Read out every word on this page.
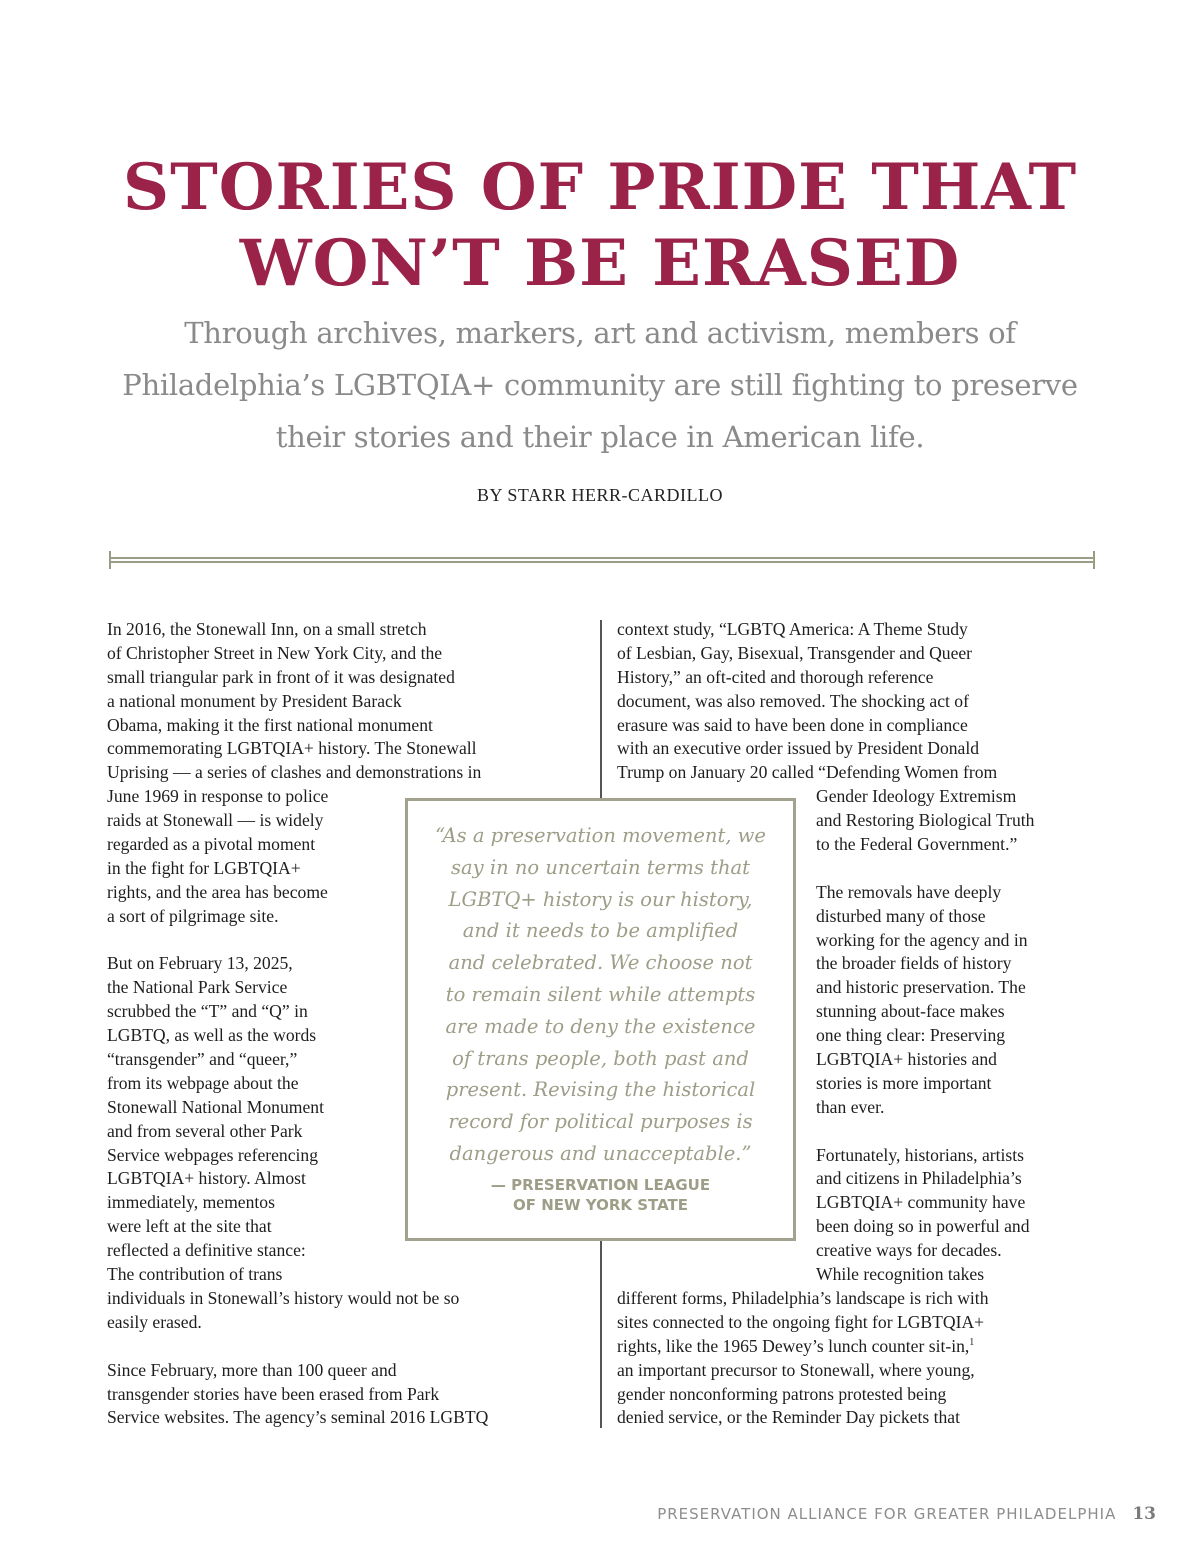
STORIES OF PRIDE THAT
WON’T BE ERASED
Through archives, markers, art and activism, members of
Philadelphia’s LGBTQIA+ community are still fighting to preserve
their stories and their place in American life.
BY STARR HERR-CARDILLO
In 2016, the Stonewall Inn, on a small stretch
of Christopher Street in New York City, and the
small triangular park in front of it was designated
a national monument by President Barack
Obama, making it the first national monument
commemorating LGBTQIA+ history. The Stonewall
Uprising — a series of clashes and demonstrations in
June 1969 in response to police
raids at Stonewall — is widely
regarded as a pivotal moment
in the fight for LGBTQIA+
rights, and the area has become
a sort of pilgrimage site.
But on February 13, 2025,
the National Park Service
scrubbed the “T” and “Q” in
LGBTQ, as well as the words
“transgender” and “queer,”
from its webpage about the
Stonewall National Monument
and from several other Park
Service webpages referencing
LGBTQIA+ history. Almost
immediately, mementos
were left at the site that
reflected a definitive stance:
The contribution of trans
individuals in Stonewall’s history would not be so
easily erased.
Since February, more than 100 queer and
transgender stories have been erased from Park
Service websites. The agency’s seminal 2016 LGBTQ
context study, “LGBTQ America: A Theme Study
of Lesbian, Gay, Bisexual, Transgender and Queer
History,” an oft-cited and thorough reference
document, was also removed. The shocking act of
erasure was said to have been done in compliance
with an executive order issued by President Donald
Trump on January 20 called “Defending Women from
Gender Ideology Extremism
and Restoring Biological Truth
to the Federal Government.”
The removals have deeply
disturbed many of those
working for the agency and in
the broader fields of history
and historic preservation. The
stunning about-face makes
one thing clear: Preserving
LGBTQIA+ histories and
stories is more important
than ever.
Fortunately, historians, artists
and citizens in Philadelphia’s
LGBTQIA+ community have
been doing so in powerful and
creative ways for decades.
While recognition takes
different forms, Philadelphia’s landscape is rich with
sites connected to the ongoing fight for LGBTQIA+
rights, like the 1965 Dewey’s lunch counter sit-in,$^1$
an important precursor to Stonewall, where young,
gender nonconforming patrons protested being
denied service, or the Reminder Day pickets that
“As a preservation movement, we
say in no uncertain terms that
LGBTQ+ history is our history,
and it needs to be amplified
and celebrated. We choose not
to remain silent while attempts
are made to deny the existence
of trans people, both past and
present. Revising the historical
record for political purposes is
dangerous and unacceptable.”
— PRESERVATION LEAGUE
OF NEW YORK STATE
PRESERVATION ALLIANCE FOR GREATER PHILADELPHIA 13
